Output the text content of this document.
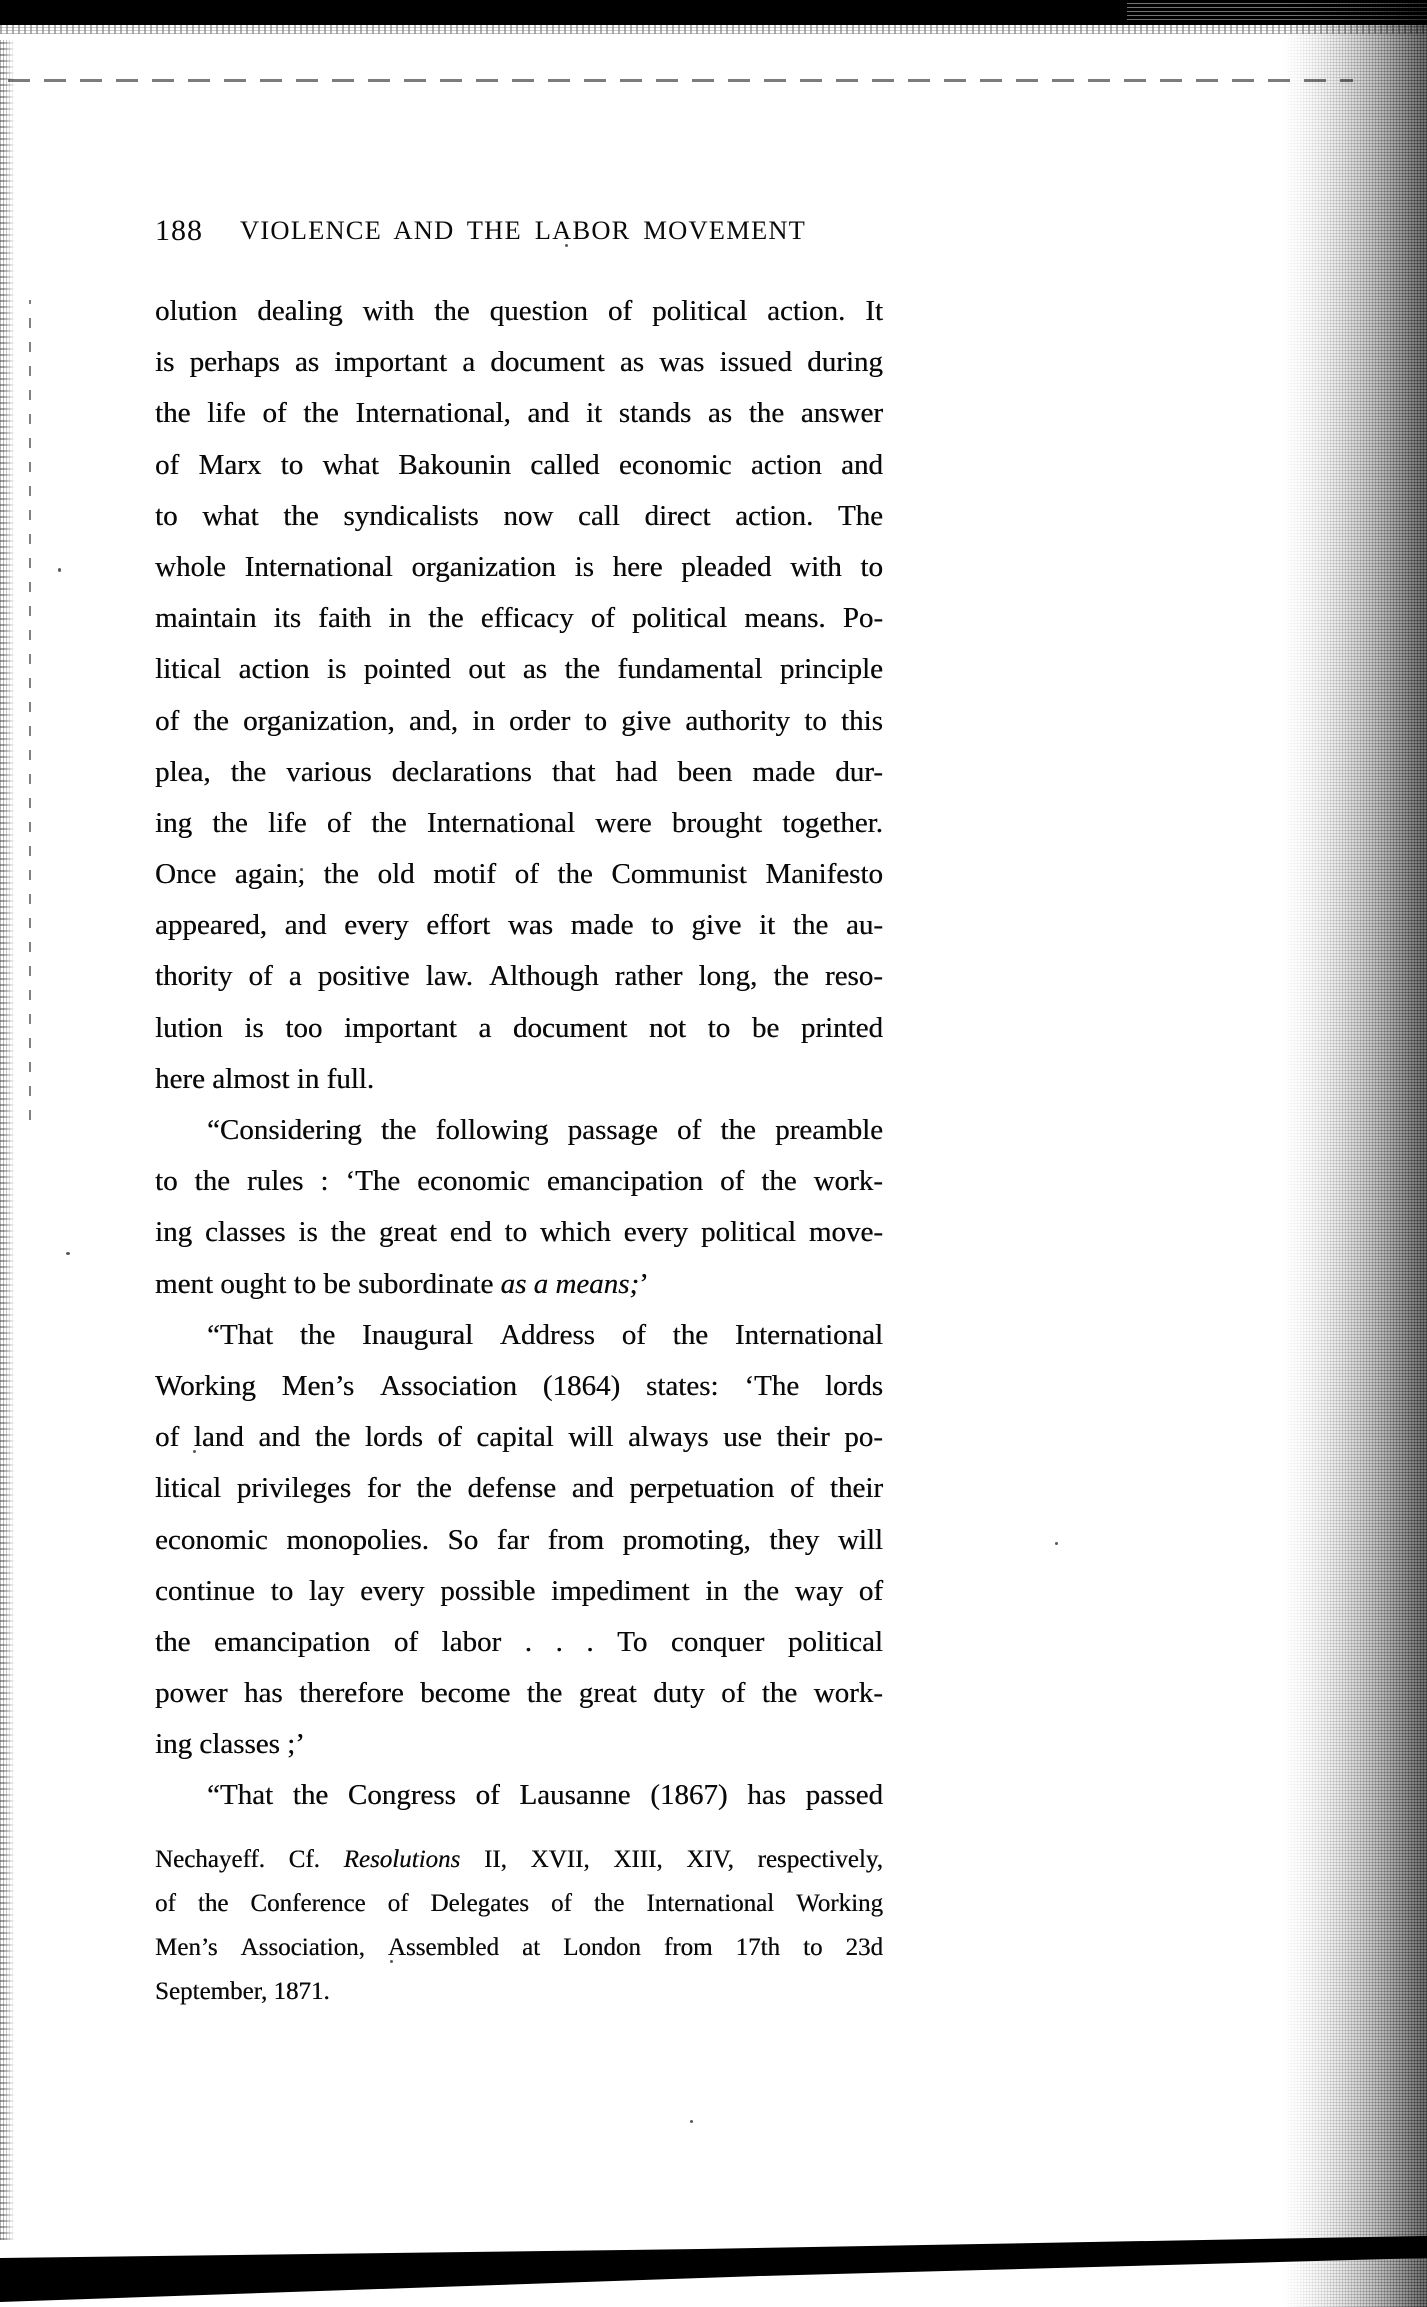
188 VIOLENCE AND THE LABOR MOVEMENT
olution dealing with the question of political action. It
is perhaps as important a document as was issued during
the life of the International, and it stands as the answer
of Marx to what Bakounin called economic action and
to what the syndicalists now call direct action. The
whole International organization is here pleaded with to
maintain its faith in the efficacy of political means. Po-
litical action is pointed out as the fundamental principle
of the organization, and, in order to give authority to this
plea, the various declarations that had been made dur-
ing the life of the International were brought together.
Once again, the old motif of the Communist Manifesto
appeared, and every effort was made to give it the au-
thority of a positive law. Although rather long, the reso-
lution is too important a document not to be printed
here almost in full.
“Considering the following passage of the preamble
to the rules : ‘The economic emancipation of the work-
ing classes is the great end to which every political move-
ment ought to be subordinate as a means;’
“That the Inaugural Address of the International
Working Men’s Association (1864) states: ‘The lords
of land and the lords of capital will always use their po-
litical privileges for the defense and perpetuation of their
economic monopolies. So far from promoting, they will
continue to lay every possible impediment in the way of
the emancipation of labor . . . To conquer political
power has therefore become the great duty of the work-
ing classes ;’
“That the Congress of Lausanne (1867) has passed
Nechayeff. Cf. Resolutions II, XVII, XIII, XIV, respectively,
of the Conference of Delegates of the International Working
Men’s Association, Assembled at London from 17th to 23d
September, 1871.
